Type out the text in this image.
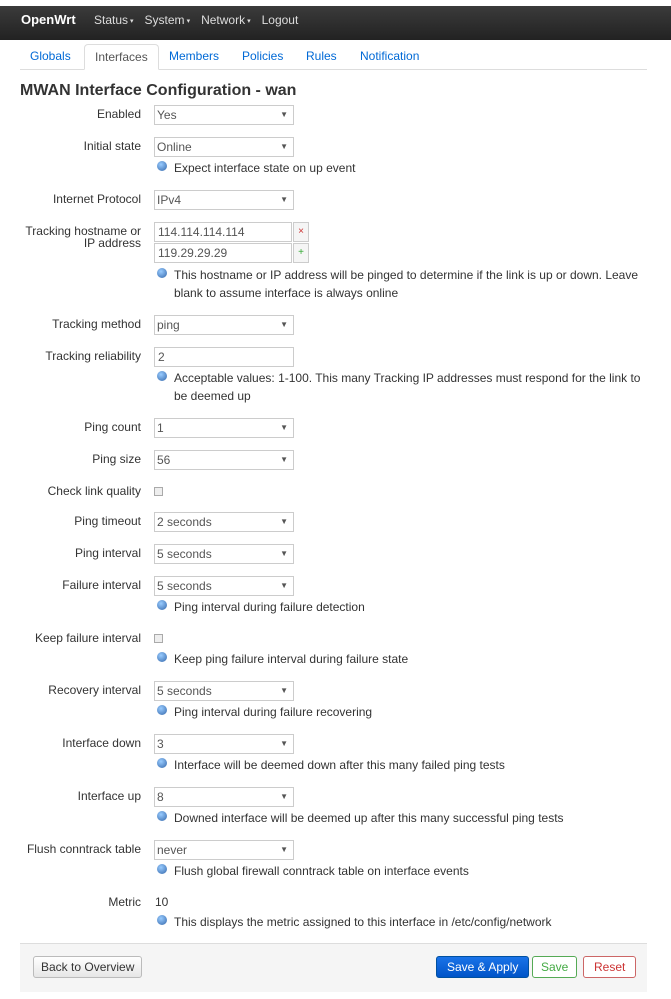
OpenWrt Status ▾ System ▾ Network ▾ Logout
Globals	Interfaces	Members	Policies	Rules	Notification
MWAN Interface Configuration - wan
Enabled Yes	▼
Initial state Online	▼
Expect interface state on up event
Internet Protocol IPv4	▼
Tracking hostname or
IP address
114.114.114.114	×
119.29.29.29	+
This hostname or IP address will be pinged to determine if the link is up or down. Leave
blank to assume interface is always online
Tracking method ping	▼
Tracking reliability	2
Acceptable values: 1-100. This many Tracking IP addresses must respond for the link to
be deemed up
Ping count 1	▼
Ping size 56	▼
Check link quality
Ping timeout 2 seconds	▼
Ping interval 5 seconds	▼
Failure interval 5 seconds	▼
Ping interval during failure detection
Keep failure interval
Keep ping failure interval during failure state
Recovery interval 5 seconds	▼
Ping interval during failure recovering
Interface down 3	▼
Interface will be deemed down after this many failed ping tests
Interface up 8	▼
Downed interface will be deemed up after this many successful ping tests
Flush conntrack table never	▼
Flush global firewall conntrack table on interface events
Metric 10
This displays the metric assigned to this interface in /etc/config/network
Back to Overview	Save & Apply	Save	Reset
